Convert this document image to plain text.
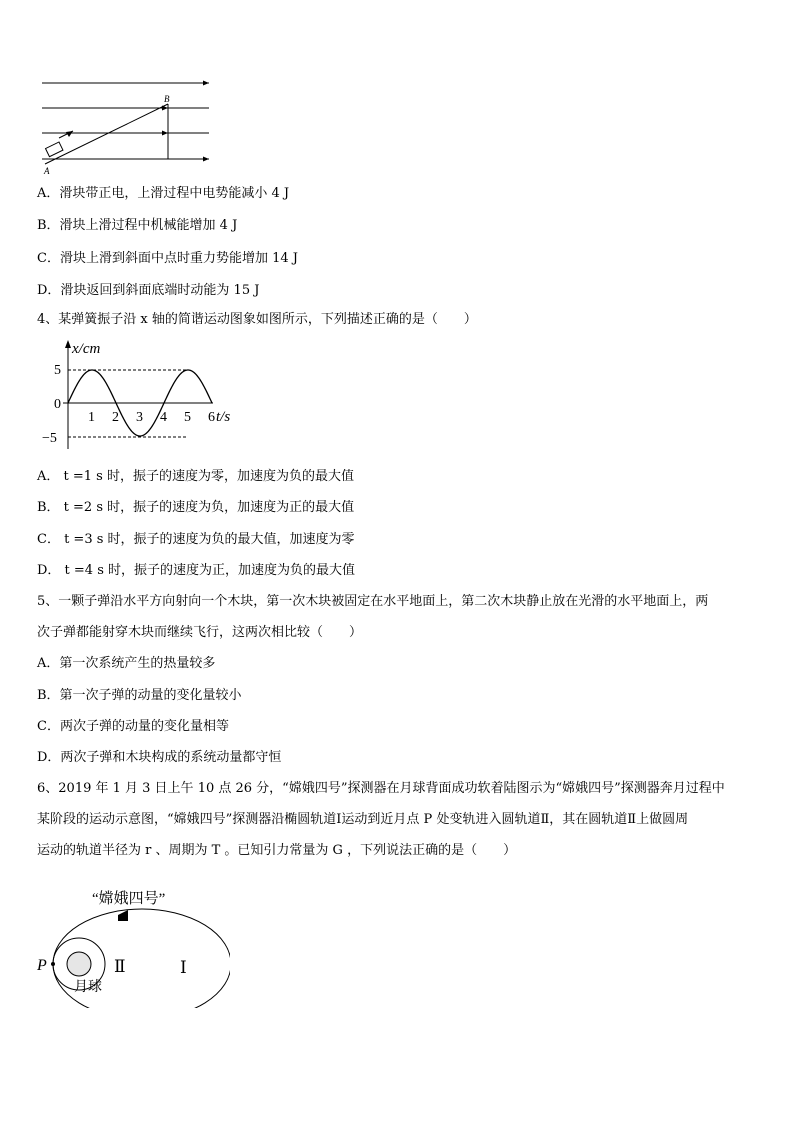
A
B
A．滑块带正电，上滑过程中电势能减小 4 J
B．滑块上滑过程中机械能增加 4 J
C．滑块上滑到斜面中点时重力势能增加 14 J
D．滑块返回到斜面底端时动能为 15 J
4、某弹簧振子沿 x 轴的简谐运动图象如图所示，下列描述正确的是（　　）
x/cm
5
0
−5
1 2 3 4 5 6 t/s
A． t =1 s 时，振子的速度为零，加速度为负的最大值
B． t =2 s 时，振子的速度为负，加速度为正的最大值
C． t =3 s 时，振子的速度为负的最大值，加速度为零
D． t =4 s 时，振子的速度为正，加速度为负的最大值
5、一颗子弹沿水平方向射向一个木块，第一次木块被固定在水平地面上，第二次木块静止放在光滑的水平地面上，两
次子弹都能射穿木块而继续飞行，这两次相比较（　　）
A．第一次系统产生的热量较多
B．第一次子弹的动量的变化量较小
C．两次子弹的动量的变化量相等
D．两次子弹和木块构成的系统动量都守恒
6、2019 年 1 月 3 日上午 10 点 26 分，“嫦娥四号”探测器在月球背面成功软着陆图示为“嫦娥四号”探测器奔月过程中
某阶段的运动示意图，“嫦娥四号”探测器沿椭圆轨道Ⅰ运动到近月点 P 处变轨进入圆轨道Ⅱ，其在圆轨道Ⅱ上做圆周
运动的轨道半径为 r 、周期为 T 。已知引力常量为 G ，下列说法正确的是（　　）
“嫦娥四号”
P	Ⅱ	Ⅰ
月球
